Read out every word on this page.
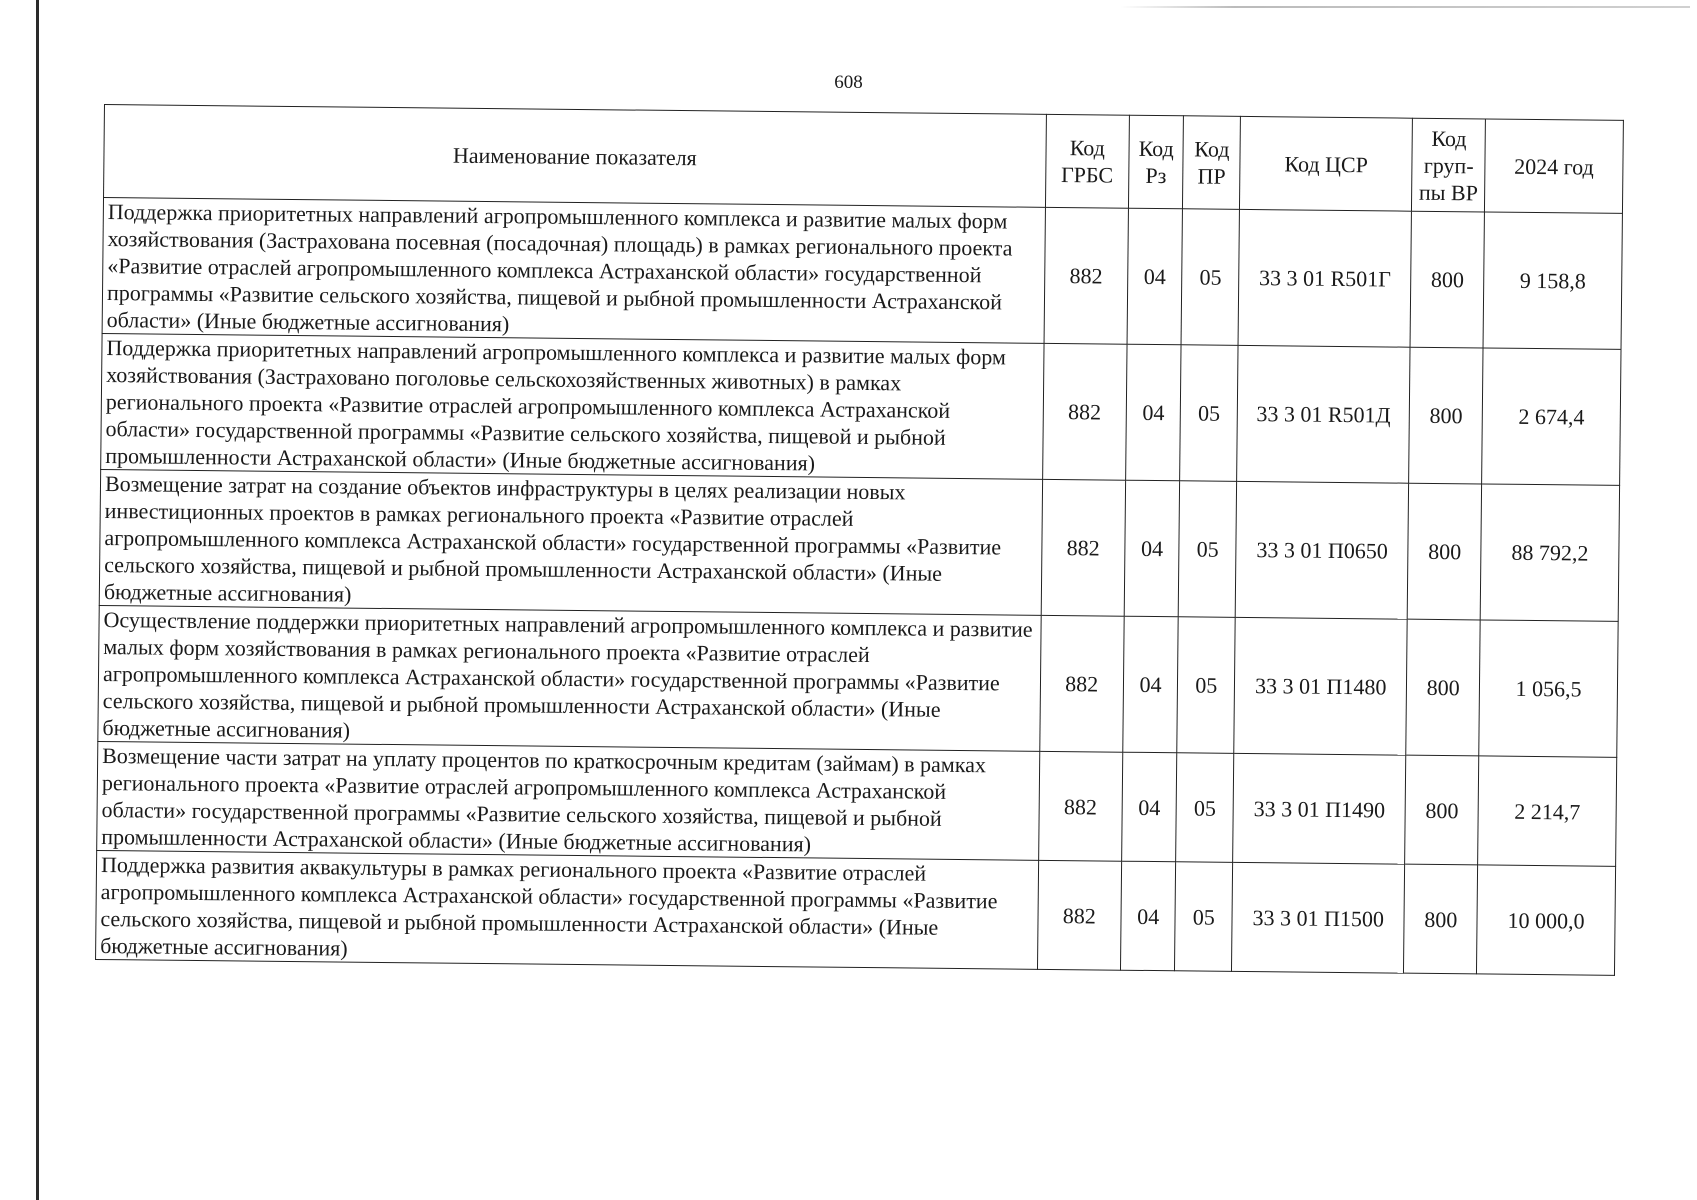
608
Наименование показателя	Код ГРБС	Код Рз	Код ПР	Код ЦСР	Код груп-пы ВР	2024 год
Поддержка приоритетных направлений агропромышленного комплекса и развитие малых форм хозяйствования (Застрахована посевная (посадочная) площадь) в рамках регионального проекта «Развитие отраслей агропромышленного комплекса Астраханской области» государственной программы «Развитие сельского хозяйства, пищевой и рыбной промышленности Астраханской области» (Иные бюджетные ассигнования)	882	04	05	33 3 01 R501Г	800	9 158,8
Поддержка приоритетных направлений агропромышленного комплекса и развитие малых форм хозяйствования (Застраховано поголовье сельскохозяйственных животных) в рамках регионального проекта «Развитие отраслей агропромышленного комплекса Астраханской области» государственной программы «Развитие сельского хозяйства, пищевой и рыбной промышленности Астраханской области» (Иные бюджетные ассигнования)	882	04	05	33 3 01 R501Д	800	2 674,4
Возмещение затрат на создание объектов инфраструктуры в целях реализации новых инвестиционных проектов в рамках регионального проекта «Развитие отраслей агропромышленного комплекса Астраханской области» государственной программы «Развитие сельского хозяйства, пищевой и рыбной промышленности Астраханской области» (Иные бюджетные ассигнования)	882	04	05	33 3 01 П0650	800	88 792,2
Осуществление поддержки приоритетных направлений агропромышленного комплекса и развитие малых форм хозяйствования в рамках регионального проекта «Развитие отраслей агропромышленного комплекса Астраханской области» государственной программы «Развитие сельского хозяйства, пищевой и рыбной промышленности Астраханской области» (Иные бюджетные ассигнования)	882	04	05	33 3 01 П1480	800	1 056,5
Возмещение части затрат на уплату процентов по краткосрочным кредитам (займам) в рамках регионального проекта «Развитие отраслей агропромышленного комплекса Астраханской области» государственной программы «Развитие сельского хозяйства, пищевой и рыбной промышленности Астраханской области» (Иные бюджетные ассигнования)	882	04	05	33 3 01 П1490	800	2 214,7
Поддержка развития аквакультуры в рамках регионального проекта «Развитие отраслей агропромышленного комплекса Астраханской области» государственной программы «Развитие сельского хозяйства, пищевой и рыбной промышленности Астраханской области» (Иные бюджетные ассигнования)	882	04	05	33 3 01 П1500	800	10 000,0
